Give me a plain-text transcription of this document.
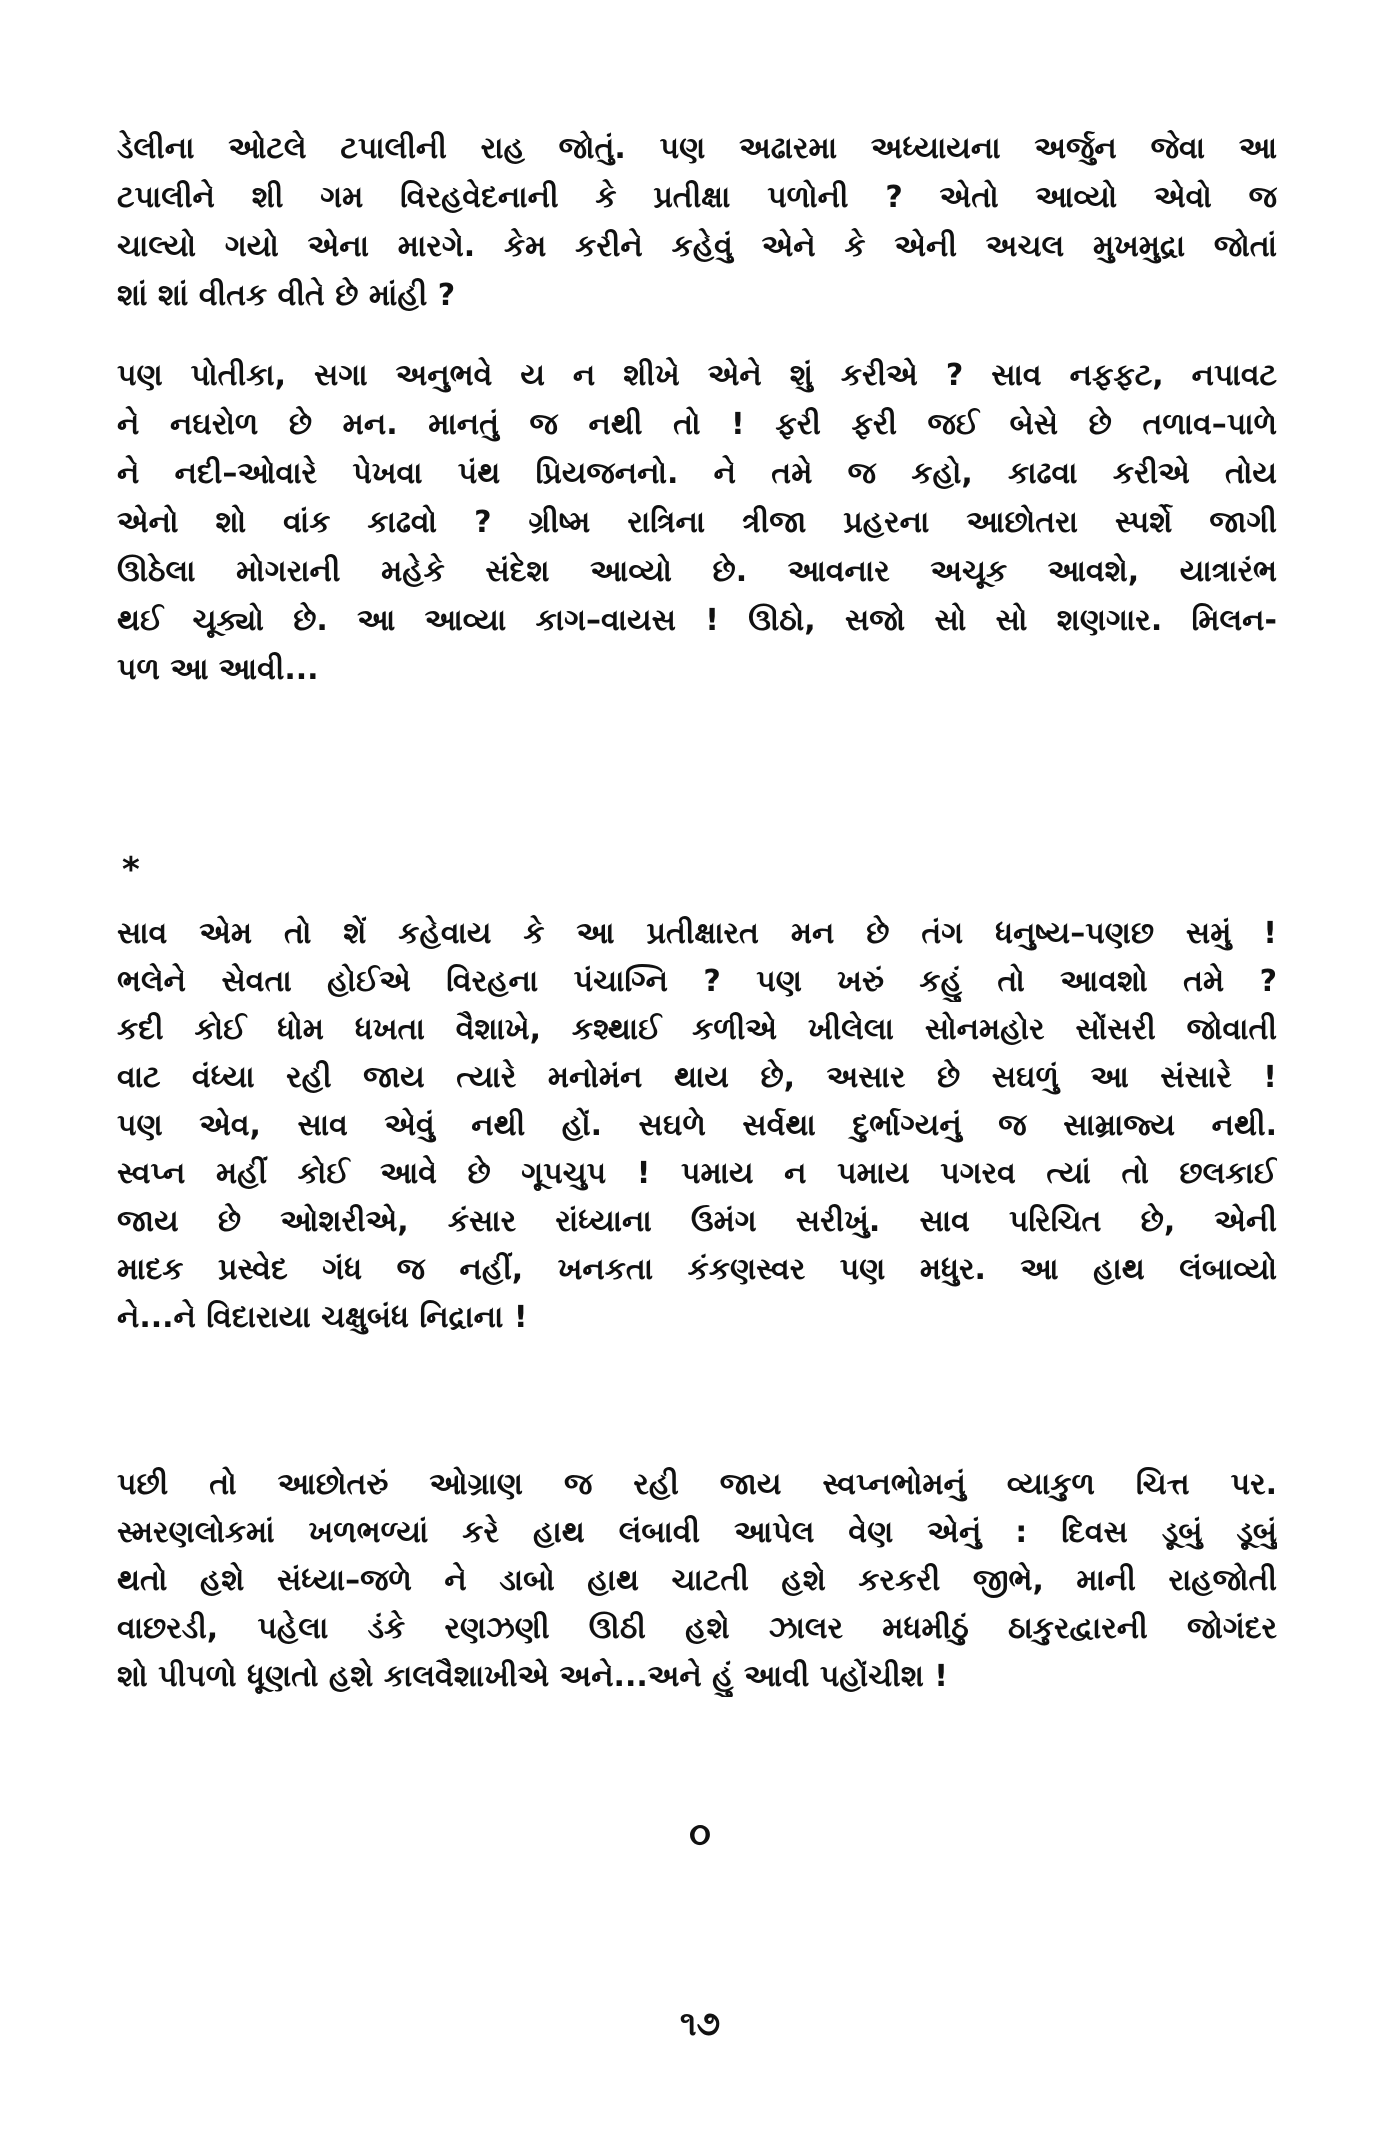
ડેલીના ઓટલે ટપાલીની રાહ જોતું. પણ અઢારમા અધ્યાયના અર્જુન જેવા આ
ટપાલીને શી ગમ વિરહવેદનાની કે પ્રતીક્ષા પળોની ? એતો આવ્યો એવો જ
ચાલ્યો ગયો એના મારગે. કેમ કરીને કહેવું એને કે એની અચલ મુખમુદ્રા જોતાં
શાં શાં વીતક વીતે છે માંહી ?
પણ પોતીકા, સગા અનુભવે ય ન શીખે એને શું કરીએ ? સાવ નફફટ, નપાવટ
ને નઘરોળ છે મન. માનતું જ નથી તો ! ફરી ફરી જઈ બેસે છે તળાવ–પાળે
ને નદી–ઓવારે પેખવા પંથ પ્રિયજનનો. ને તમે જ કહો, કાઢવા કરીએ તોય
એનો શો વાંક કાઢવો ? ગ્રીષ્મ રાત્રિના ત્રીજા પ્રહરના આછોતરા સ્પર્શે જાગી
ઊઠેલા મોગરાની મહેકે સંદેશ આવ્યો છે. આવનાર અચૂક આવશે, યાત્રારંભ
થઈ ચૂક્યો છે. આ આવ્યા કાગ–વાયસ ! ઊઠો, સજો સો સો શણગાર. મિલન-
પળ આ આવી...
*
સાવ એમ તો શેં કહેવાય કે આ પ્રતીક્ષારત મન છે તંગ ધનુષ્ય–પણછ સમું !
ભલેને સેવતા હોઈએ વિરહના પંચાગ્નિ ? પણ ખરું કહું તો આવશો તમે ?
કદી કોઈ ધોમ ધખતા વૈશાખે, કશ્થાઈ કળીએ ખીલેલા સોનમહોર સોંસરી જોવાતી
વાટ વંધ્યા રહી જાય ત્યારે મનોમંન થાય છે, અસાર છે સઘળું આ સંસારે !
પણ એવ, સાવ એવું નથી હોં. સઘળે સર્વથા દુર્ભાગ્યનું જ સામ્રાજ્ય નથી.
સ્વપ્ન મહીં કોઈ આવે છે ગૂપચુપ ! પમાય ન પમાય પગરવ ત્યાં તો છલકાઈ
જાય છે ઓશરીએ, કંસાર રાંધ્યાના ઉમંગ સરીખું. સાવ પરિચિત છે, એની
માદક પ્રસ્વેદ ગંધ જ નહીં, ખનકતા કંકણસ્વર પણ મધુર. આ હાથ લંબાવ્યો
ને...ને વિદારાયા ચક્ષુબંધ નિદ્રાના !
પછી તો આછોતરું ઓગ્રાણ જ રહી જાય સ્વપ્નભોમનું વ્યાકુળ ચિત્ત પર.
સ્મરણલોકમાં ખળભળ્યાં કરે હાથ લંબાવી આપેલ વેણ એનું : દિવસ ડૂબું ડૂબું
થતો હશે સંધ્યા–જળે ને ડાબો હાથ ચાટતી હશે કરકરી જીભે, માની રાહજોતી
વાછરડી, પહેલા ડંકે રણઝણી ઊઠી હશે ઝાલર મધમીઠું ઠાકુરદ્વારની જોગંદર
શો પીપળો ધૂણતો હશે કાલવૈશાખીએ અને...અને હું આવી પહોંચીશ !
૦
૧૭
